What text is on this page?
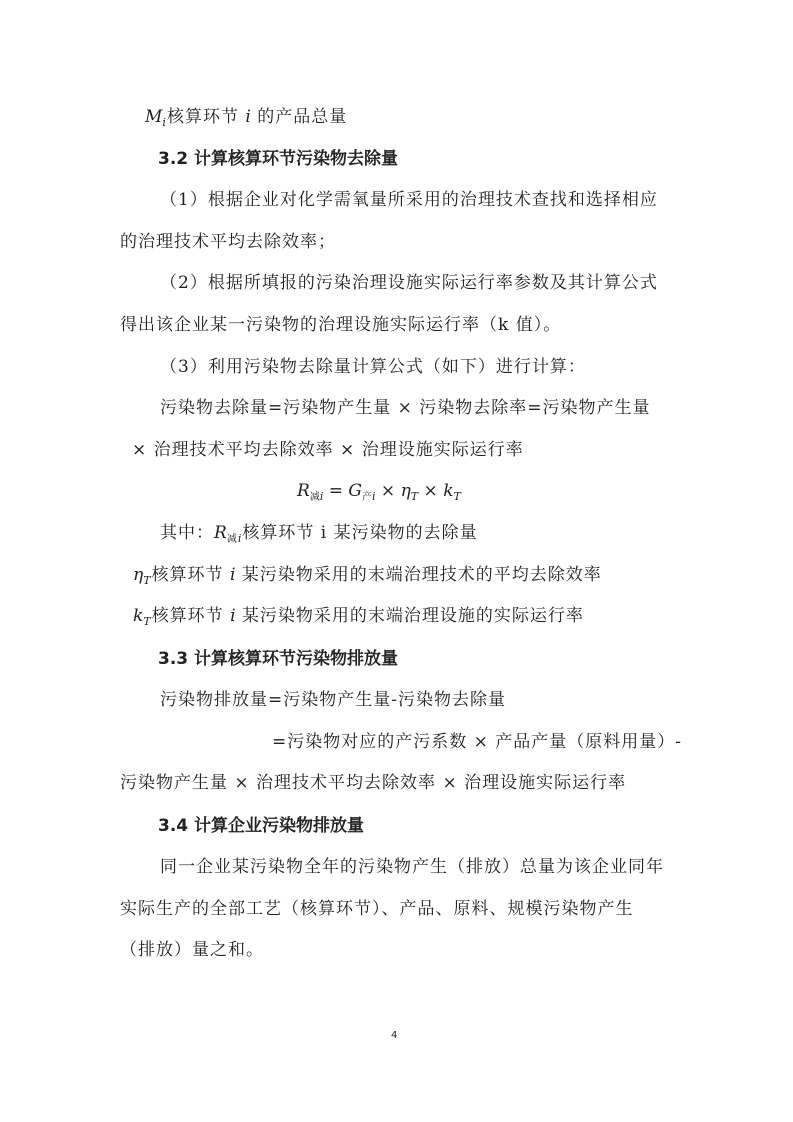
$M_i$核算环节 i 的产品总量
3.2 计算核算环节污染物去除量
（1）根据企业对化学需氧量所采用的治理技术查找和选择相应
的治理技术平均去除效率；
（2）根据所填报的污染治理设施实际运行率参数及其计算公式
得出该企业某一污染物的治理设施实际运行率（k 值）。
（3）利用污染物去除量计算公式（如下）进行计算：
污染物去除量=污染物产生量 × 污染物去除率=污染物产生量
× 治理技术平均去除效率 × 治理设施实际运行率
$R_{减i} = G_{产i} \times \eta_T \times k_T$
其中：$R_{减i}$核算环节 i 某污染物的去除量
$\eta_T$核算环节 i 某污染物采用的末端治理技术的平均去除效率
$k_T$核算环节 i 某污染物采用的末端治理设施的实际运行率
3.3 计算核算环节污染物排放量
污染物排放量=污染物产生量-污染物去除量
=污染物对应的产污系数 × 产品产量（原料用量）-
污染物产生量 × 治理技术平均去除效率 × 治理设施实际运行率
3.4 计算企业污染物排放量
同一企业某污染物全年的污染物产生（排放）总量为该企业同年
实际生产的全部工艺（核算环节）、产品、原料、规模污染物产生
（排放）量之和。
4
